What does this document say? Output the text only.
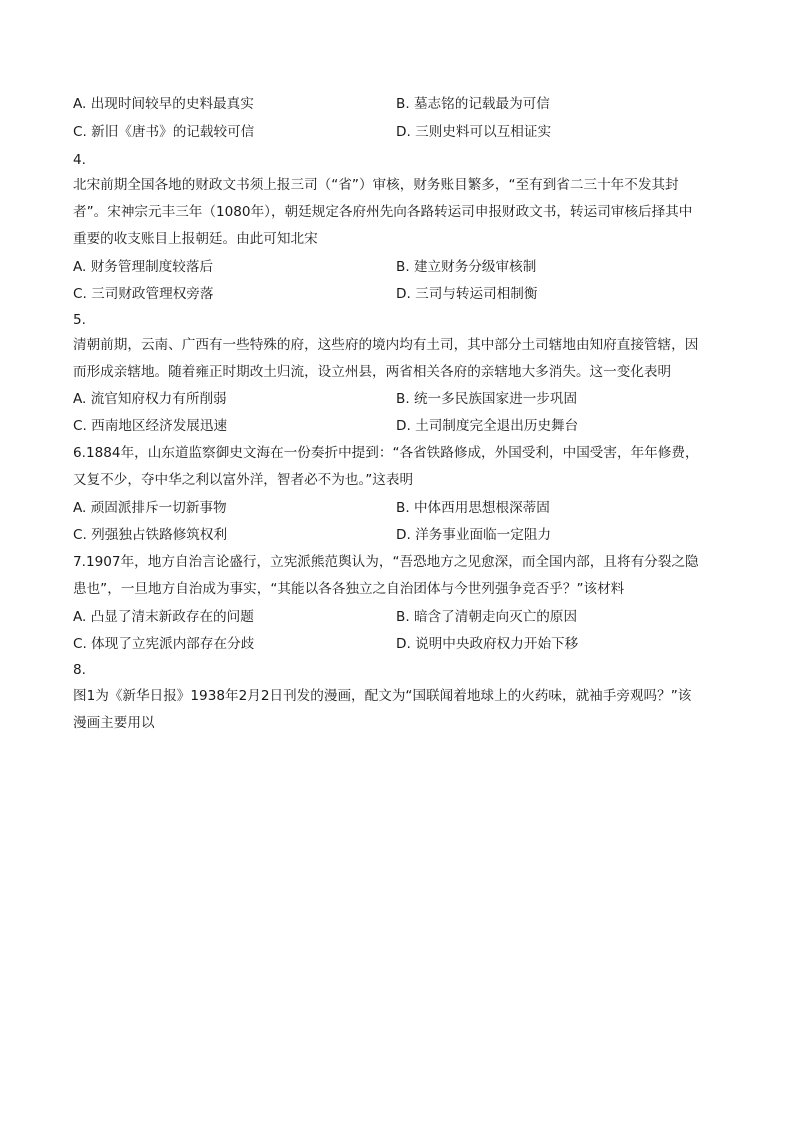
A. 出现时间较早的史料最真实	B. 墓志铭的记载最为可信
C. 新旧《唐书》的记载较可信	D. 三则史料可以互相证实
4.
北宋前期全国各地的财政文书须上报三司（“省”）审核，财务账目繁多，“至有到省二三十年不发其封
者”。宋神宗元丰三年（1080年），朝廷规定各府州先向各路转运司申报财政文书，转运司审核后择其中
重要的收支账目上报朝廷。由此可知北宋
A. 财务管理制度较落后	B. 建立财务分级审核制
C. 三司财政管理权旁落	D. 三司与转运司相制衡
5.
清朝前期，云南、广西有一些特殊的府，这些府的境内均有土司，其中部分土司辖地由知府直接管辖，因
而形成亲辖地。随着雍正时期改土归流，设立州县，两省相关各府的亲辖地大多消失。这一变化表明
A. 流官知府权力有所削弱	B. 统一多民族国家进一步巩固
C. 西南地区经济发展迅速	D. 土司制度完全退出历史舞台
6.1884年，山东道监察御史文海在一份奏折中提到：“各省铁路修成，外国受利，中国受害，年年修费，
又复不少，夺中华之利以富外洋，智者必不为也。”这表明
A. 顽固派排斥一切新事物	B. 中体西用思想根深蒂固
C. 列强独占铁路修筑权利	D. 洋务事业面临一定阻力
7.1907年，地方自治言论盛行，立宪派熊范舆认为，“吾恐地方之见愈深，而全国内部，且将有分裂之隐
患也”，一旦地方自治成为事实，“其能以各各独立之自治团体与今世列强争竞否乎？”该材料
A. 凸显了清末新政存在的问题	B. 暗含了清朝走向灭亡的原因
C. 体现了立宪派内部存在分歧	D. 说明中央政府权力开始下移
8.
图1为《新华日报》1938年2月2日刊发的漫画，配文为“国联闻着地球上的火药味，就袖手旁观吗？”该
漫画主要用以
